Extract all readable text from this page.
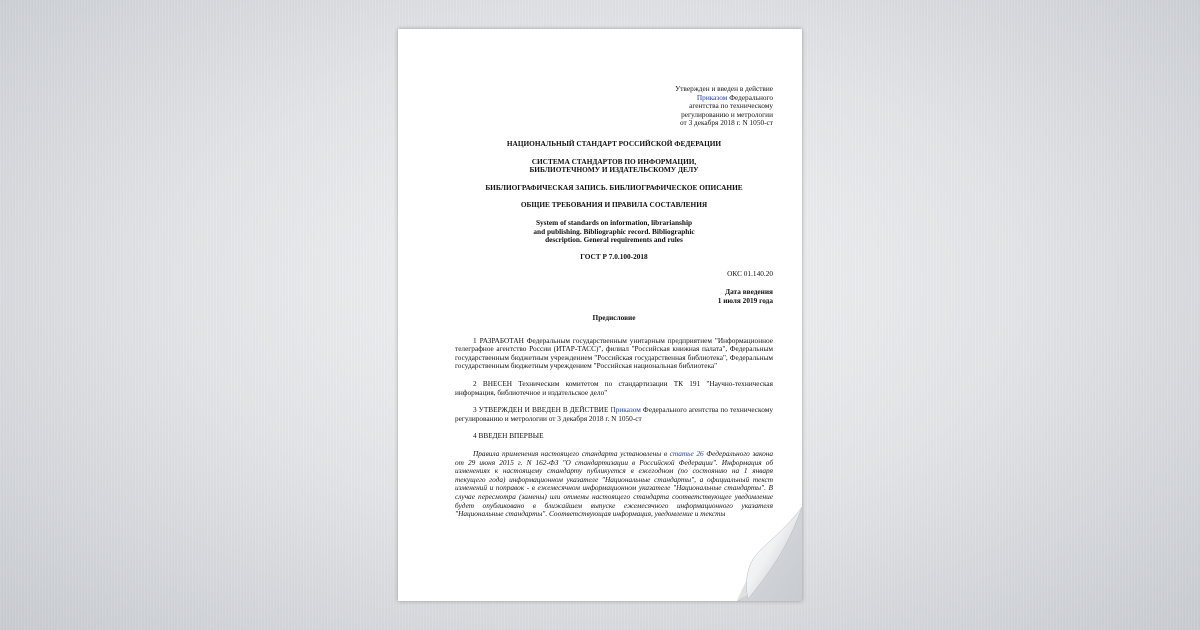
Утвержден и введен в действие
Приказом Федерального
агентства по техническому
регулированию и метрологии
от 3 декабря 2018 г. N 1050-ст
НАЦИОНАЛЬНЫЙ СТАНДАРТ РОССИЙСКОЙ ФЕДЕРАЦИИ
СИСТЕМА СТАНДАРТОВ ПО ИНФОРМАЦИИ,
БИБЛИОТЕЧНОМУ И ИЗДАТЕЛЬСКОМУ ДЕЛУ
БИБЛИОГРАФИЧЕСКАЯ ЗАПИСЬ. БИБЛИОГРАФИЧЕСКОЕ ОПИСАНИЕ
ОБЩИЕ ТРЕБОВАНИЯ И ПРАВИЛА СОСТАВЛЕНИЯ
System of standards on information, librarianship
and publishing. Bibliographic record. Bibliographic
description. General requirements and rules
ГОСТ Р 7.0.100-2018
ОКС 01.140.20
Дата введения
1 июля 2019 года
Предисловие
1 РАЗРАБОТАН Федеральным государственным унитарным предприятием "Информационное телеграфное агентство России (ИТАР-ТАСС)", филиал "Российская книжная палата", Федеральным государственным бюджетным учреждением "Российская государственная библиотека", Федеральным государственным бюджетным учреждением "Российская национальная библиотека"
2 ВНЕСЕН Техническим комитетом по стандартизации ТК 191 "Научно-техническая информация, библиотечное и издательское дело"
3 УТВЕРЖДЕН И ВВЕДЕН В ДЕЙСТВИЕ Приказом Федерального агентства по техническому регулированию и метрологии от 3 декабря 2018 г. N 1050-ст
4 ВВЕДЕН ВПЕРВЫЕ
Правила применения настоящего стандарта установлены в статье 26 Федерального закона от 29 июня 2015 г. N 162-ФЗ "О стандартизации в Российской Федерации". Информация об изменениях к настоящему стандарту публикуется в ежегодном (по состоянию на 1 января текущего года) информационном указателе "Национальные стандарты", а официальный текст изменений и поправок - в ежемесячном информационном указателе "Национальные стандарты". В случае пересмотра (замены) или отмены настоящего стандарта соответствующее уведомление будет опубликовано в ближайшем выпуске ежемесячного информационного указателя "Национальные стандарты". Соответствующая информация, уведомление и тексты
